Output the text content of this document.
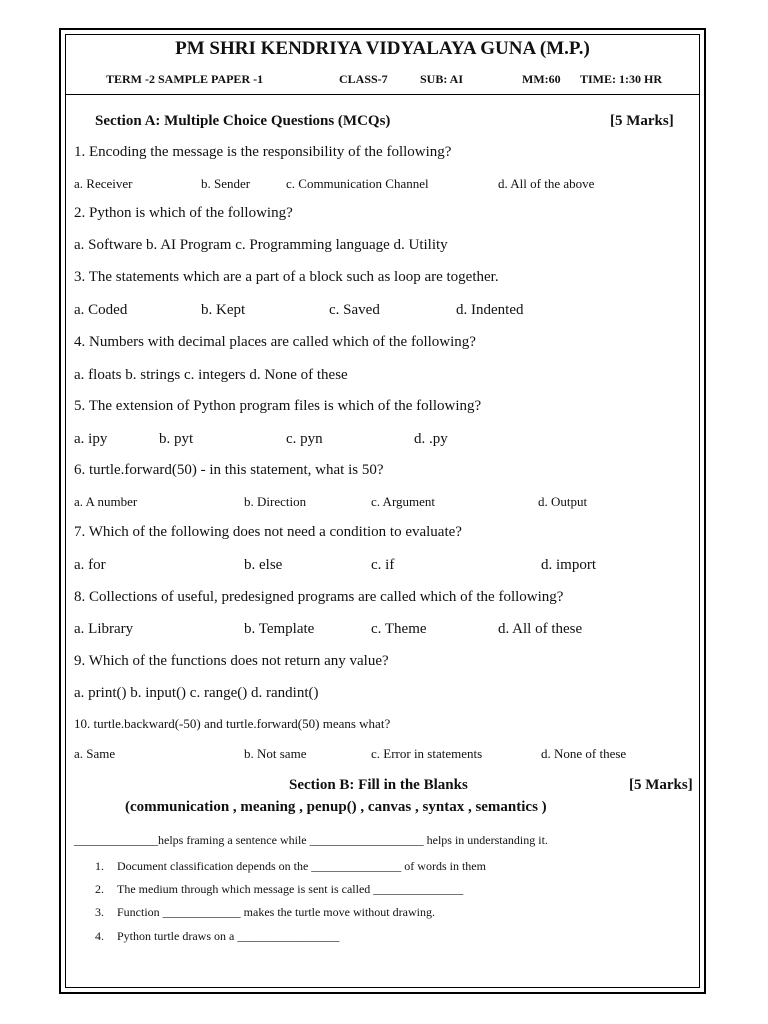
PM SHRI KENDRIYA VIDYALAYA GUNA (M.P.)
TERM -2 SAMPLE PAPER -1	CLASS-7	SUB: AI	MM:60 TIME: 1:30 HR
Section A: Multiple Choice Questions (MCQs)	[5 Marks]
1. Encoding the message is the responsibility of the following?
a. Receiver	b. Sender	c. Communication Channel	d. All of the above
2. Python is which of the following?
a. Software b. AI Program c. Programming language d. Utility
3. The statements which are a part of a block such as loop are together.
a. Coded	b. Kept	c. Saved	d. Indented
4. Numbers with decimal places are called which of the following?
a. floats b. strings c. integers d. None of these
5. The extension of Python program files is which of the following?
a. ipy	b. pyt	c. pyn	d. .py
6. turtle.forward(50) - in this statement, what is 50?
a. A number	b. Direction	c. Argument	d. Output
7. Which of the following does not need a condition to evaluate?
a. for	b. else	c. if	d. import
8. Collections of useful, predesigned programs are called which of the following?
a. Library	b. Template	c. Theme	d. All of these
9. Which of the functions does not return any value?
a. print() b. input() c. range() d. randint()
10. turtle.backward(-50) and turtle.forward(50) means what?
a. Same	b. Not same	c. Error in statements	d. None of these
Section B: Fill in the Blanks	[5 Marks]
(communication , meaning , penup() , canvas , syntax , semantics )
______________helps framing a sentence while ___________________ helps in understanding it.
1. Document classification depends on the _______________ of words in them
2. The medium through which message is sent is called _______________
3. Function _____________ makes the turtle move without drawing.
4. Python turtle draws on a _________________
